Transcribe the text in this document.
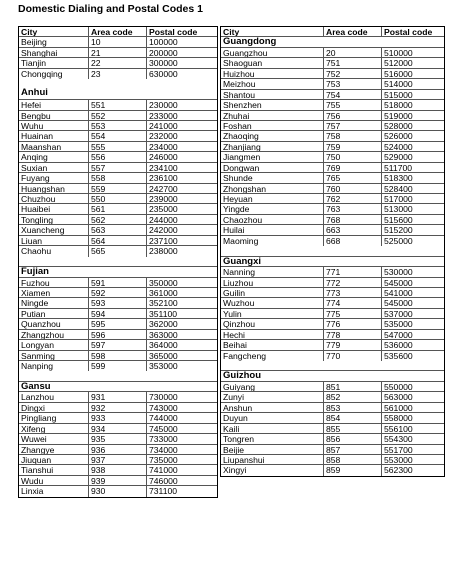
Domestic Dialing and Postal Codes 1
City	Area code	Postal code
Beijing	10	100000
Shanghai	21	200000
Tianjin	22	300000
Chongqing	23	630000
Anhui
Hefei	551	230000
Bengbu	552	233000
Wuhu	553	241000
Huainan	554	232000
Maanshan	555	234000
Anqing	556	246000
Suxian	557	234100
Fuyang	558	236100
Huangshan	559	242700
Chuzhou	550	239000
Huaibei	561	235000
Tongling	562	244000
Xuancheng	563	242000
Liuan	564	237100
Chaohu	565	238000
Fujian
Fuzhou	591	350000
Xiamen	592	361000
Ningde	593	352100
Putian	594	351100
Quanzhou	595	362000
Zhangzhou	596	363000
Longyan	597	364000
Sanming	598	365000
Nanping	599	353000
Gansu
Lanzhou	931	730000
Dingxi	932	743000
Pingliang	933	744000
Xifeng	934	745000
Wuwei	935	733000
Zhangye	936	734000
Jiuquan	937	735000
Tianshui	938	741000
Wudu	939	746000
Linxia	930	731100
City	Area code	Postal code
Guangdong
Guangzhou	20	510000
Shaoguan	751	512000
Huizhou	752	516000
Meizhou	753	514000
Shantou	754	515000
Shenzhen	755	518000
Zhuhai	756	519000
Foshan	757	528000
Zhaoqing	758	526000
Zhanjiang	759	524000
Jiangmen	750	529000
Dongwan	769	511700
Shunde	765	518300
Zhongshan	760	528400
Heyuan	762	517000
Yingde	763	513000
Chaozhou	768	515600
Huilai	663	515200
Maoming	668	525000
Guangxi
Nanning	771	530000
Liuzhou	772	545000
Guilin	773	541000
Wuzhou	774	545000
Yulin	775	537000
Qinzhou	776	535000
Hechi	778	547000
Beihai	779	536000
Fangcheng	770	535600
Guizhou
Guiyang	851	550000
Zunyi	852	563000
Anshun	853	561000
Duyun	854	558000
Kaili	855	556100
Tongren	856	554300
Beijie	857	551700
Liupanshui	858	553000
Xingyi	859	562300
